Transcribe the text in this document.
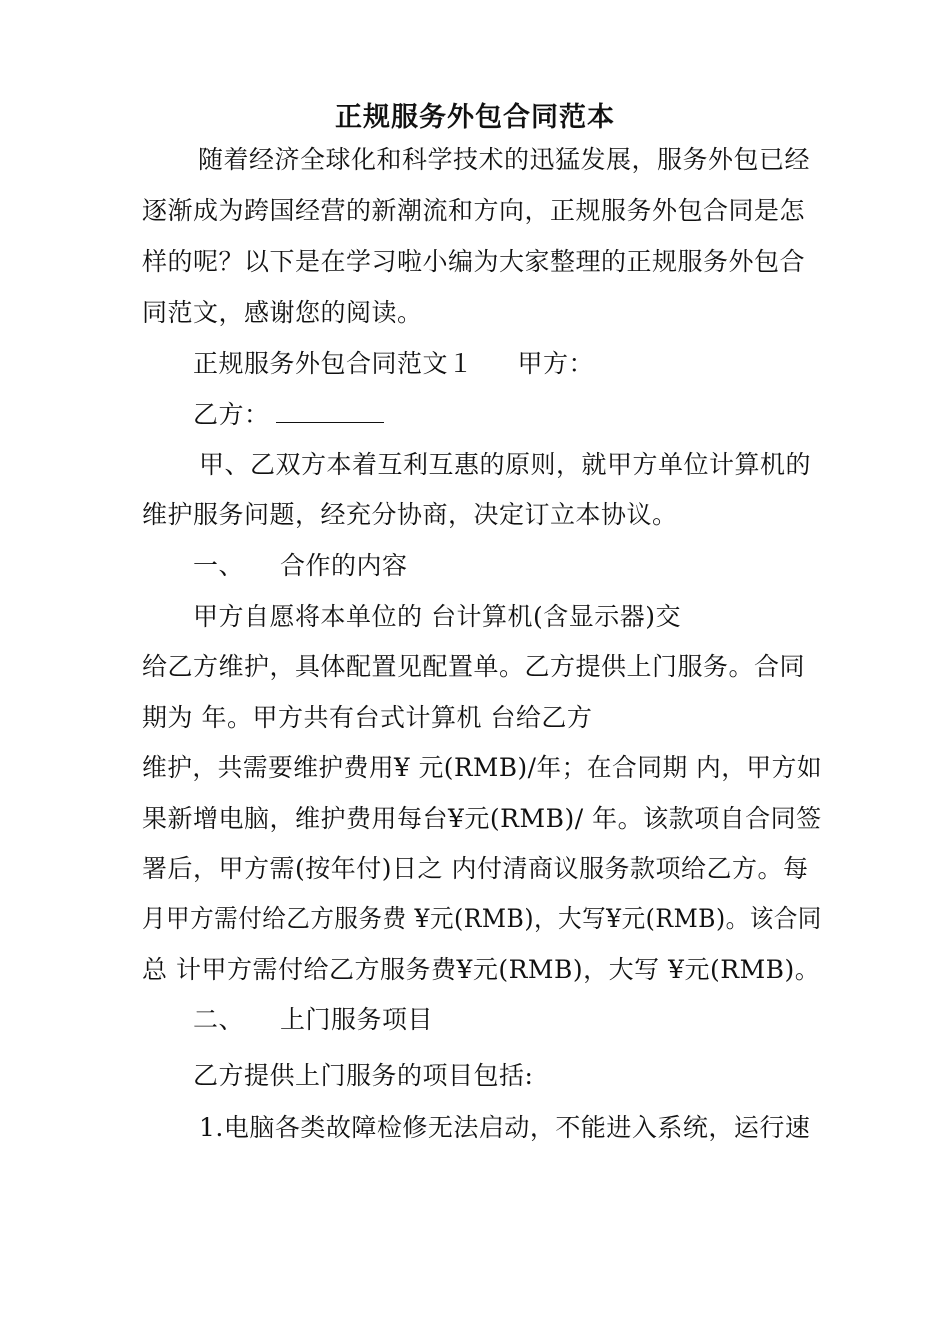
正规服务外包合同范本
随着经济全球化和科学技术的迅猛发展，服务外包已经
逐渐成为跨国经营的新潮流和方向，正规服务外包合同是怎
样的呢？以下是在学习啦小编为大家整理的正规服务外包合
同范文，感谢您的阅读。
正规服务外包合同范文１ 甲方：
乙方：
甲、乙双方本着互利互惠的原则，就甲方单位计算机的
维护服务问题，经充分协商，决定订立本协议。
一、 合作的内容
甲方自愿将本单位的 台计算机(含显示器)交
给乙方维护，具体配置见配置单。乙方提供上门服务。合同
期为 年。甲方共有台式计算机 台给乙方
维护，共需要维护费用¥ 元(RMB)/年；在合同期 内，甲方如
果新增电脑，维护费用每台¥元(RMB)/ 年。该款项自合同签
署后，甲方需(按年付)日之 内付清商议服务款项给乙方。每
月甲方需付给乙方服务费 ¥元(RMB)，大写¥元(RMB)。该合同
总 计甲方需付给乙方服务费¥元(RMB)，大写 ¥元(RMB)。
二、 上门服务项目
乙方提供上门服务的项目包括:
1.电脑各类故障检修无法启动，不能进入系统，运行速
